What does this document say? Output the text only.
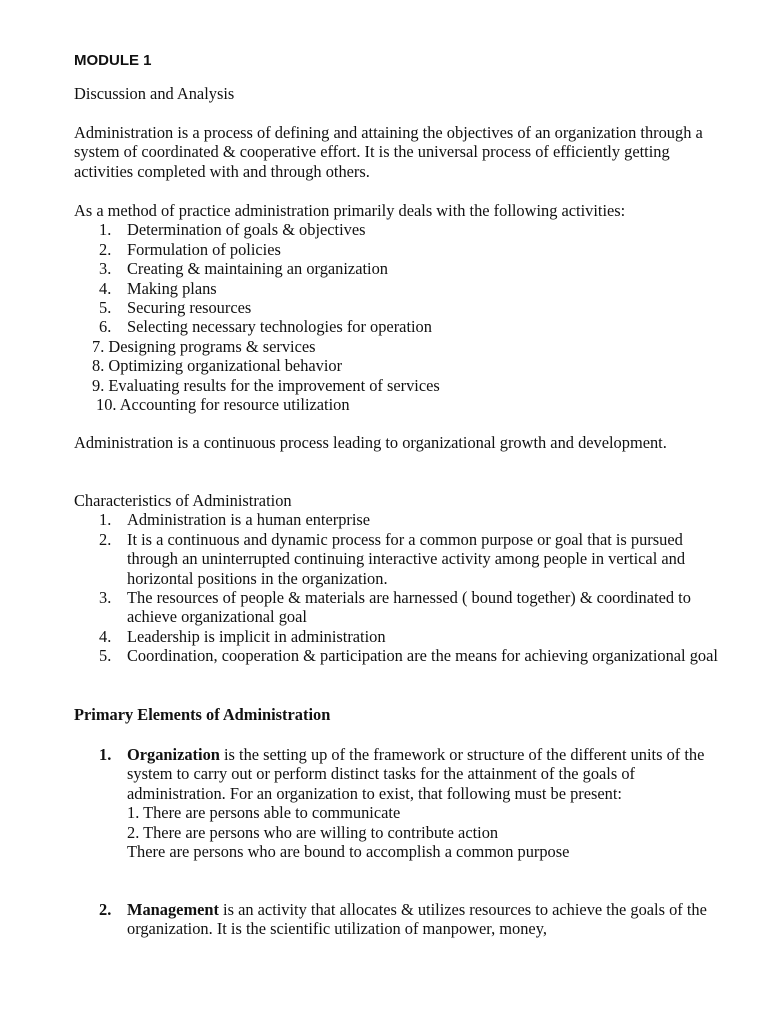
MODULE 1
Discussion and Analysis

Administration is a process of defining and attaining the objectives of an organization through a system of coordinated & cooperative effort. It is the universal process of efficiently getting activities completed with and through others.

As a method of practice administration primarily deals with the following activities:

1. Determination of goals & objectives
2. Formulation of policies
3. Creating & maintaining an organization
4. Making plans
5. Securing resources
6. Selecting necessary technologies for operation
7. Designing programs & services
8. Optimizing organizational behavior
9. Evaluating results for the improvement of services
10. Accounting for resource utilization

Administration is a continuous process leading to organizational growth and development.

Characteristics of Administration

1. Administration is a human enterprise
2. It is a continuous and dynamic process for a common purpose or goal that is pursued through an uninterrupted continuing interactive activity among people in vertical and horizontal positions in the organization.
3. The resources of people & materials are harnessed ( bound together) & coordinated to achieve organizational goal
4. Leadership is implicit in administration
5. Coordination, cooperation & participation are the means for achieving organizational goal
Primary Elements of Administration
1. Organization is the setting up of the framework or structure of the different units of the system to carry out or perform distinct tasks for the attainment of the goals of administration. For an organization to exist, that following must be present:
1. There are persons able to communicate
2. There are persons who are willing to contribute action
There are persons who are bound to accomplish a common purpose
2. Management is an activity that allocates & utilizes resources to achieve the goals of the organization. It is the scientific utilization of manpower, money,
